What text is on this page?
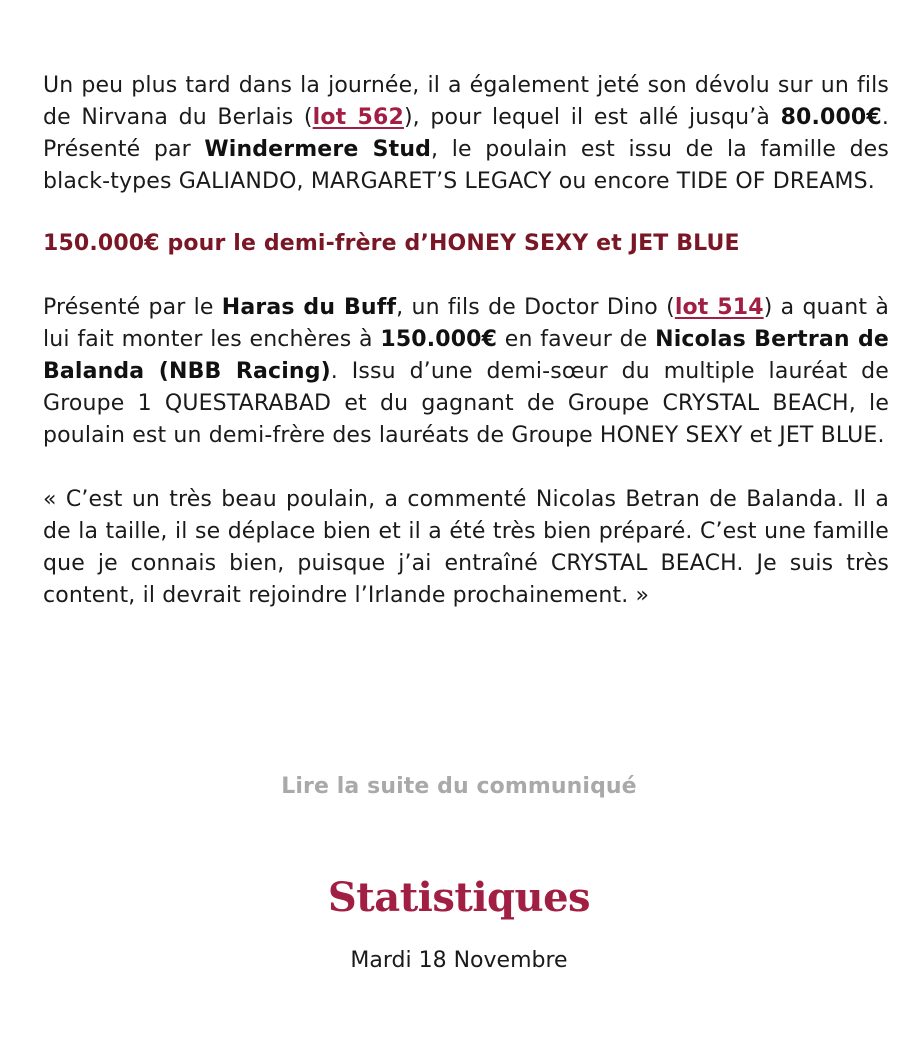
Un peu plus tard dans la journée, il a également jeté son dévolu sur un fils de Nirvana du Berlais (lot 562), pour lequel il est allé jusqu’à 80.000€. Présenté par Windermere Stud, le poulain est issu de la famille des black-types GALIANDO, MARGARET’S LEGACY ou encore TIDE OF DREAMS.

150.000€ pour le demi-frère d’HONEY SEXY et JET BLUE

Présenté par le Haras du Buff, un fils de Doctor Dino (lot 514) a quant à lui fait monter les enchères à 150.000€ en faveur de Nicolas Bertran de Balanda (NBB Racing). Issu d’une demi-sœur du multiple lauréat de Groupe 1 QUESTARABAD et du gagnant de Groupe CRYSTAL BEACH, le poulain est un demi-frère des lauréats de Groupe HONEY SEXY et JET BLUE.

« C’est un très beau poulain, a commenté Nicolas Betran de Balanda. Il a de la taille, il se déplace bien et il a été très bien préparé. C’est une famille que je connais bien, puisque j’ai entraîné CRYSTAL BEACH. Je suis très content, il devrait rejoindre l’Irlande prochainement. »

Lire la suite du communiqué
Statistiques
Mardi 18 Novembre
